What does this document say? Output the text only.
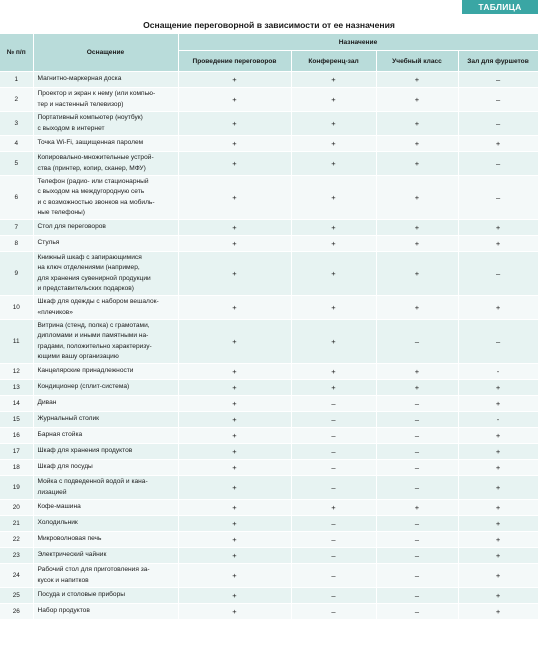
ТАБЛИЦА
Оснащение переговорной в зависимости от ее назначения
№ п/п	Оснащение	Назначение			
		Проведение переговоров	Конференц-зал	Учебный класс	Зал для фуршетов
1	Магнитно-маркерная доска	+	+	+	–
2	Проектор и экран к нему (или компью-
тер и настенный телевизор)	+	+	+	–
3	Портативный компьютер (ноутбук)
с выходом в интернет	+	+	+	–
4	Точка Wi-Fi, защищенная паролем	+	+	+	+
5	Копировально-множительные устрой-
ства (принтер, копир, сканер, МФУ)	+	+	+	–
6	Телефон (радио- или стационарный
с выходом на междугородную сеть
и с возможностью звонков на мобиль-
ные телефоны)	+	+	+	–
7	Стол для переговоров	+	+	+	+
8	Стулья	+	+	+	+
9	Книжный шкаф с запирающимися
на ключ отделениями (например,
для хранения сувенирной продукции
и представительских подарков)	+	+	+	–
10	Шкаф для одежды с набором вешалок-
«плечиков»	+	+	+	+
11	Витрина (стенд, полка) с грамотами,
дипломами и иными памятными на-
градами, положительно характеризу-
ющими вашу организацию	+	+	–	–
12	Канцелярские принадлежности	+	+	+	-
13	Кондиционер (сплит-система)	+	+	+	+
14	Диван	+	–	–	+
15	Журнальный столик	+	–	–	-
16	Барная стойка	+	–	–	+
17	Шкаф для хранения продуктов	+	–	–	+
18	Шкаф для посуды	+	–	–	+
19	Мойка с подведенной водой и кана-
лизацией	+	–	–	+
20	Кофе-машина	+	+	+	+
21	Холодильник	+	–	–	+
22	Микроволновая печь	+	–	–	+
23	Электрический чайник	+	–	–	+
24	Рабочий стол для приготовления за-
кусок и напитков	+	–	–	+
25	Посуда и столовые приборы	+	–	–	+
26	Набор продуктов	+	–	–	+
